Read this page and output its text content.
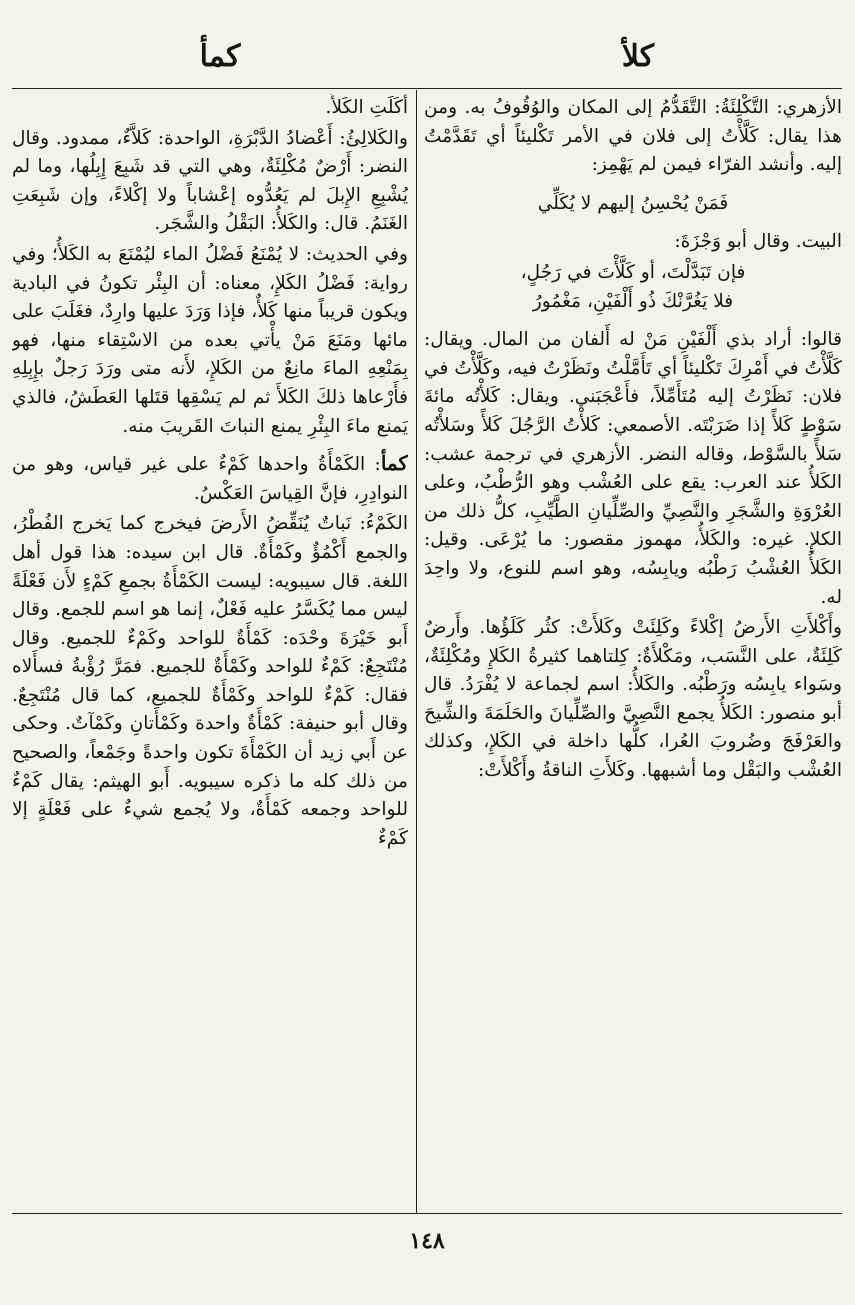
كلأ
كمأ

الأزهري: التَّكْلِئَةُ: التَّقَدُّمُ إلى المكان والوُقُوفُ به. ومن هذا يقال: كَلَّأْتُ إلى فلان في الأمر تَكْليئاً أي تَقَدَّمْتُ إليه. وأنشد الفرّاء فيمن لم يَهْمِز:

فَمَنْ يُحْسِنُ إليهم لا يُكَلِّي

البيت. وقال أبو وَجْزَةَ:

فإن تَبَدَّلْتَ، أو كَلَّأْتَ في رَجُلٍ،
فلا يَغُرَّنْكَ ذُو أَلْفَيْنِ، مَغْمُورُ

قالوا: أراد بذي أَلْفَيْنِ مَنْ له أَلفان من المال. ويقال: كَلَّأْتُ في أَمْرِكَ تَكْليئاً أي تَأَمَّلْتُ ونَظَرْتُ فيه، وكَلَّأْتُ في فلان: نَظَرْتُ إليه مُتَأَمِّلاً، فأَعْجَبَني. ويقال: كَلأْتُه مائةَ سَوْطٍ كَلأً إذا ضَرَبْتَه. الأصمعي: كَلأْتُ الرَّجُلَ كَلأً وسَلأْتُه سَلأً بالسَّوْط، وقاله النضر. الأزهري في ترجمة عشب: الكَلأُ عند العرب: يقع على العُشْب وهو الرُّطْبُ، وعلى العُرْوَةِ والشَّجَرِ والنَّصِيِّ والصِّلِّيانِ الطَّيِّبِ، كلُّ ذلك من الكلإِ. غيره: والكَلأُ، مهموز مقصور: ما يُرْعَى. وقيل: الكَلأُ العُشْبُ رَطْبُه ويابِسُه، وهو اسم للنوع، ولا واحِدَ له.

وأَكْلأَتِ الأَرضُ إكْلاءً وكَلِئَتْ وكَلأَتْ: كثُر كَلَؤُها. وأَرضٌ كَلِئَةٌ، على النَّسَب، ومَكْلأَةٌ: كِلتاهما كثيرةُ الكَلإِ ومُكْلِئَةٌ، وسَواء يابِسُه ورَطْبُه. والكَلأُ: اسم لجماعة لا يُفْرَدُ. قال أبو منصور: الكَلأُ يجمع النَّصِيَّ والصِّلِّيانَ والحَلَمَةَ والشِّيحَ والعَرْفَجَ وضُروبَ العُرا، كلُّها داخلة في الكَلإِ، وكذلك العُشْب والبَقْل وما أشبهها. وكَلأَتِ الناقةُ وأَكْلأَتْ:

أَكَلَتِ الكَلأَ.

والكَلالِئُ: أَعْضادُ الدَّبْرَةِ، الواحدة: كَلاَّءٌ، ممدود. وقال النضر: أَرْضٌ مُكْلِئَةٌ، وهي التي قد شَبِعَ إِبِلُها، وما لم يُشْبِعِ الإِبلَ لم يَعُدُّوه إعْشاباً ولا إكْلاءً، وإن شَبِعَتِ الغَنَمُ. قال: والكَلأُ: البَقْلُ والشَّجَر.

وفي الحديث: لا يُمْنَعُ فَضْلُ الماء ليُمْنَعَ به الكَلأُ؛ وفي رواية: فَضْلُ الكَلإِ، معناه: أن البِئْر تكونُ في البادية ويكون قريباً منها كَلأٌ، فإذا وَرَدَ عليها وارِدٌ، فغَلَبَ على مائها ومَنَعَ مَنْ يأْتي بعده من الاسْتِقاء منها، فهو بِمَنْعِهِ الماءَ مانِعٌ من الكَلإِ، لأَنه متى ورَدَ رَجلٌ بإِبِلِهِ فأَرْعاها ذلكَ الكَلأَ ثم لم يَسْقِها قتَلها العَطَشُ، فالذي يَمنع ماءَ البِئْرِ يمنع النباتَ القَريبَ منه.

كمأ: الكَمْأَةُ واحدها كَمْءٌ على غير قياس، وهو من النوادِرِ، فإنَّ القِياسَ العَكْسُ.

الكَمْءُ: نَباتٌ يُنَقِّضُ الأَرضَ فيخرج كما يَخرج الفُطْرُ، والجمع أَكْمُؤٌ وكَمْأَةٌ. قال ابن سيده: هذا قول أهل اللغة. قال سيبويه: ليست الكَمْأَةُ بجمعِ كَمْءٍ لأَن فَعْلَةً ليس مما يُكَسَّرُ عليه فَعْلٌ، إنما هو اسم للجمع. وقال أَبو خَيْرَةَ وحْدَه: كَمْأَةٌ للواحد وكَمْءٌ للجميع. وقال مُنْتَجِعٌ: كَمْءٌ للواحد وكَمْأَةٌ للجميع. فمَرَّ رُؤْبةُ فسأَلاه فقال: كَمْءٌ للواحد وكَمْأَةٌ للجميع، كما قال مُنْتَجِعٌ. وقال أبو حنيفة: كَمْأَةٌ واحدة وكَمْأَتانِ وكَمْآتٌ. وحكى عن أَبي زيد أن الكَمْأَةَ تكون واحدةً وجَمْعاً، والصحيح من ذلك كله ما ذكره سيبويه. أَبو الهيثم: يقال كَمْءٌ للواحد وجمعه كَمْأَةٌ، ولا يُجمع شيءٌ على فَعْلَةٍ إلا كَمْءٌ

١٤٨
